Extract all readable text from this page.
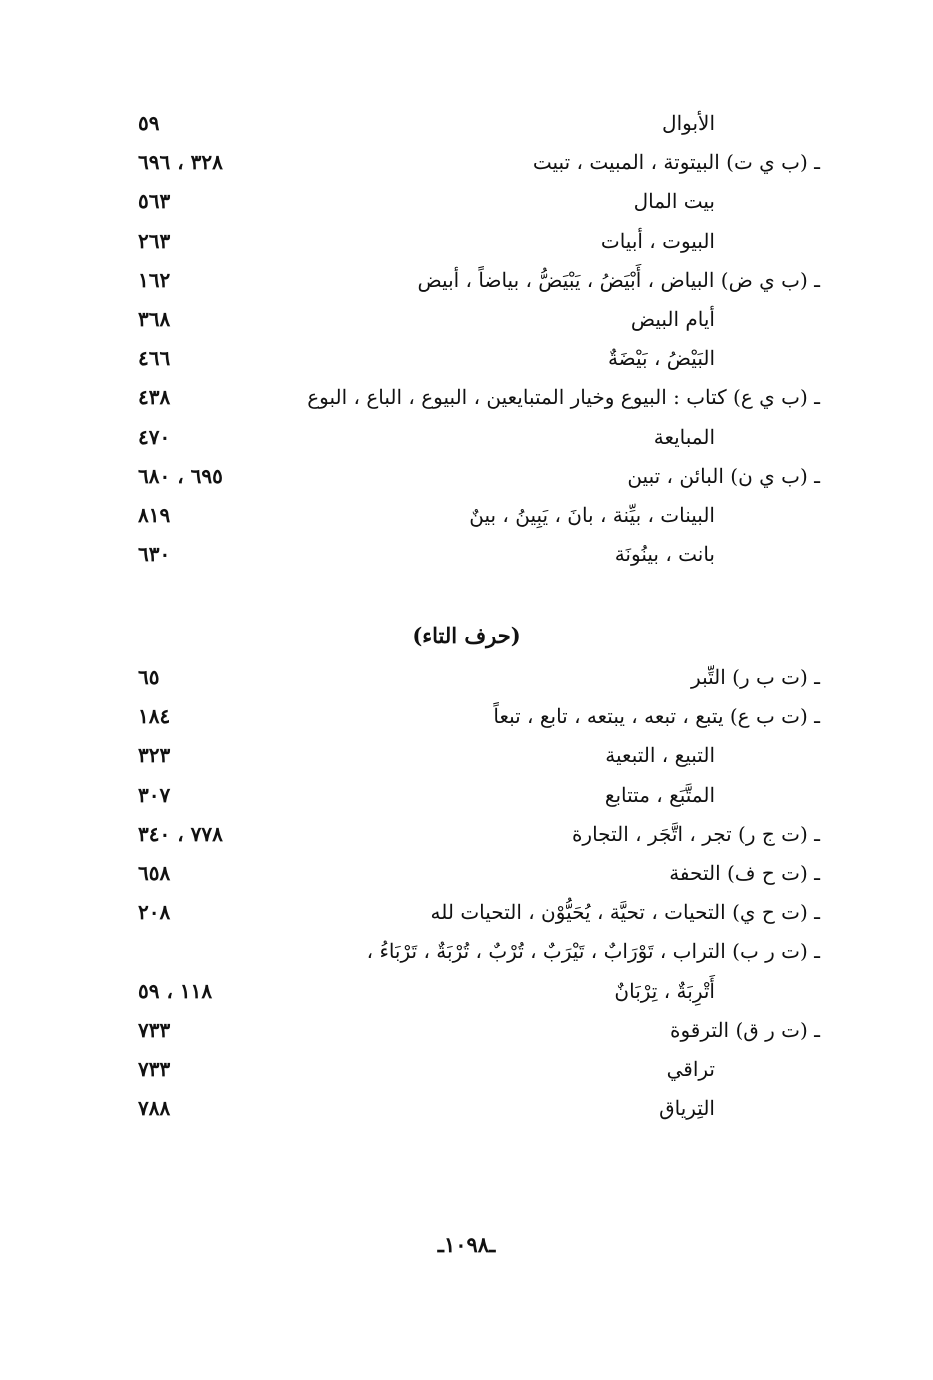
الأبوال
٥٩
ـ (ب ي ت) البيتوتة ، المبيت ، تبيت
٣٢٨ ، ٦٩٦
بيت المال
٥٦٣
البيوت ، أبيات
٢٦٣
ـ (ب ي ض) البياض ، أَبْيَضُ ، يَبْيَضُّ ، بياضاً ، أبيض
١٦٢
أيام البيض
٣٦٨
البَيْضُ ، بَيْضَةٌ
٤٦٦
ـ (ب ي ع) كتاب : البيوع وخيار المتبايعين ، البيوع ، الباع ، البوع
٤٣٨
المبايعة
٤٧٠
ـ (ب ي ن) البائن ، تبين
٦٩٥ ، ٦٨٠
البينات ، بيِّنة ، بانَ ، يَبِينُ ، بينٌ
٨١٩
بانت ، بينُونَة
٦٣٠
(حرف التاء)
ـ (ت ب ر) التِّبر
٦٥
ـ (ت ب ع) يتبع ، تبعه ، يبتعه ، تابع ، تبعاً
١٨٤
التبيع ، التبعية
٣٢٣
المتَّبَع ، متتابع
٣٠٧
ـ (ت ج ر) تجر ، اتَّجَر ، التجارة
٧٧٨ ، ٣٤٠
ـ (ت ح ف) التحفة
٦٥٨
ـ (ت ح ي) التحيات ، تحيَّة ، يُحَيُّوْن ، التحيات لله
٢٠٨
ـ (ت ر ب) التراب ، تَوْرَابٌ ، تَيْرَبٌ ، تُرْبٌ ، تُرْبَةٌ ، تَرْبَاءُ ،
أَتْرِبَةٌ ، تِرْبَانٌ
١١٨ ، ٥٩
ـ (ت ر ق) الترقوة
٧٣٣
تراقي
٧٣٣
التِرياق
٧٨٨
ـ١٠٩٨ـ
